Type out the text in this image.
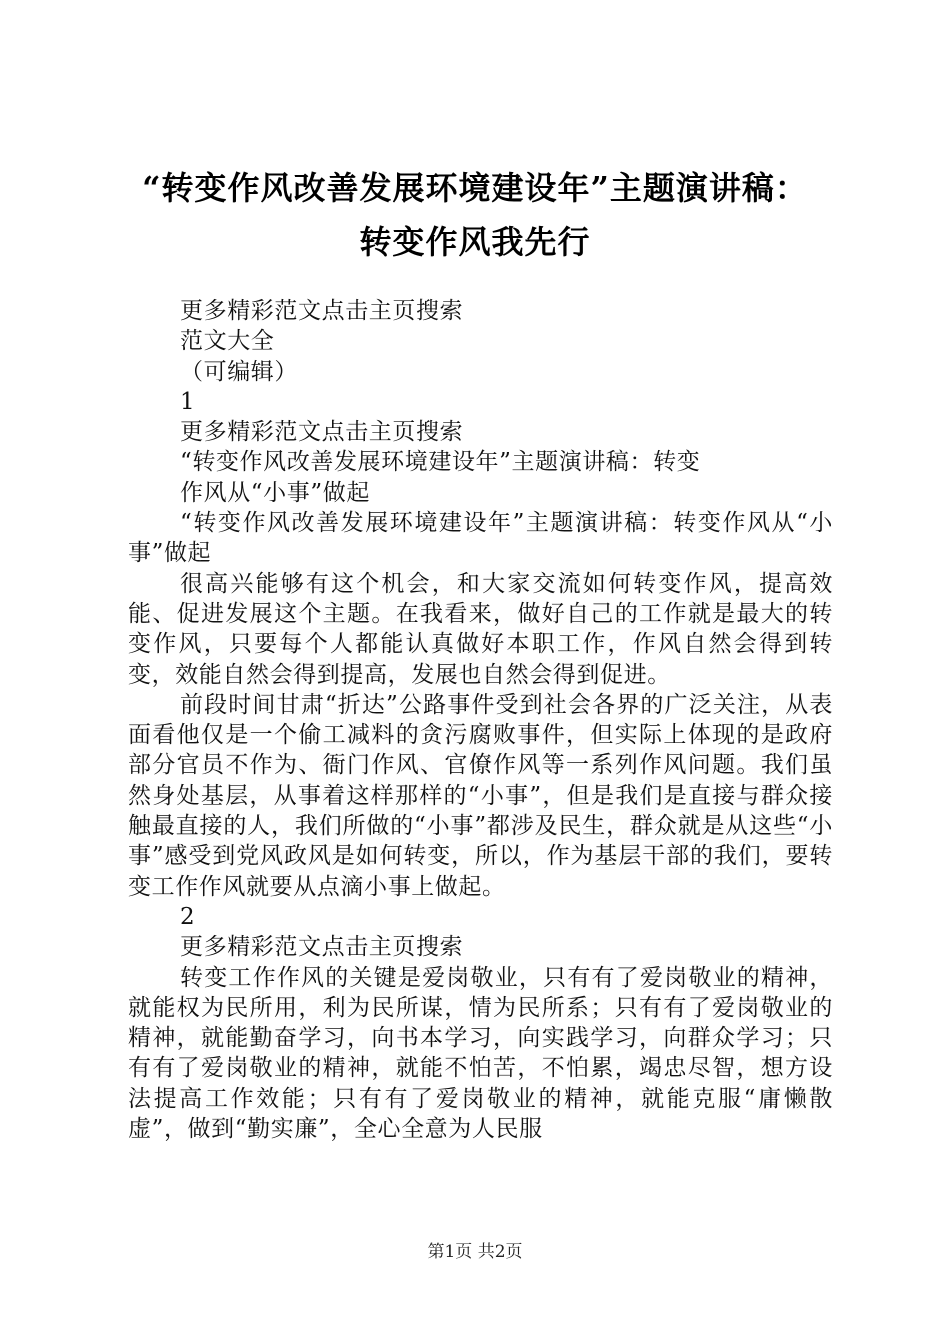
“转变作风改善发展环境建设年”主题演讲稿：
转变作风我先行

更多精彩范文点击主页搜索

范文大全

（可编辑）

1

更多精彩范文点击主页搜索

“转变作风改善发展环境建设年”主题演讲稿：转变

作风从“小事”做起

“转变作风改善发展环境建设年”主题演讲稿：转变作风从“小事”做起

很高兴能够有这个机会，和大家交流如何转变作风，提高效能、促进发展这个主题。在我看来，做好自己的工作就是最大的转变作风，只要每个人都能认真做好本职工作，作风自然会得到转变，效能自然会得到提高，发展也自然会得到促进。

前段时间甘肃“折达”公路事件受到社会各界的广泛关注，从表面看他仅是一个偷工减料的贪污腐败事件，但实际上体现的是政府部分官员不作为、衙门作风、官僚作风等一系列作风问题。我们虽然身处基层，从事着这样那样的“小事”，但是我们是直接与群众接触最直接的人，我们所做的“小事”都涉及民生，群众就是从这些“小事”感受到党风政风是如何转变，所以，作为基层干部的我们，要转变工作作风就要从点滴小事上做起。

2

更多精彩范文点击主页搜索

转变工作作风的关键是爱岗敬业，只有有了爱岗敬业的精神，就能权为民所用，利为民所谋，情为民所系；只有有了爱岗敬业的精神，就能勤奋学习，向书本学习，向实践学习，向群众学习；只有有了爱岗敬业的精神，就能不怕苦，不怕累，竭忠尽智，想方设法提高工作效能；只有有了爱岗敬业的精神，就能克服“庸懒散虚”，做到“勤实廉”，全心全意为人民服

第1页 共2页
